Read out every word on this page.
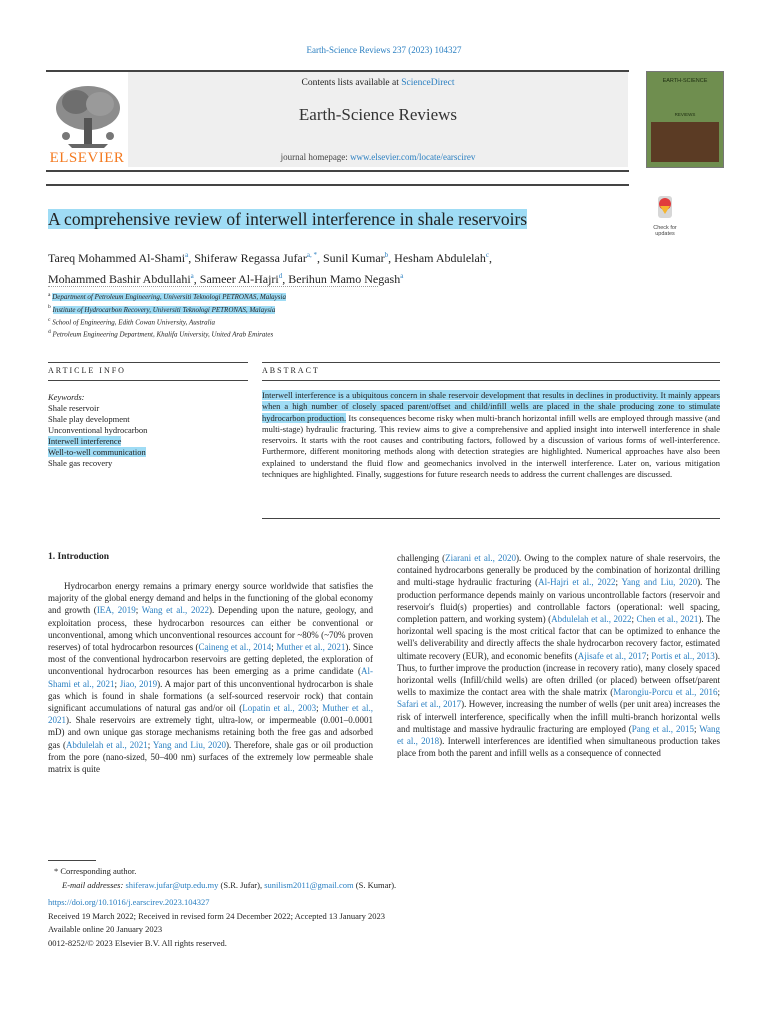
Earth-Science Reviews 237 (2023) 104327
ELSEVIER
Contents lists available at ScienceDirect
Earth-Science Reviews
journal homepage: www.elsevier.com/locate/earscirev
EARTH-SCIENCE
REVIEWS
A comprehensive review of interwell interference in shale reservoirs	Check for updates
Tareq Mohammed Al-Shami$^a$, Shiferaw Regassa Jufar$^{a, *}$, Sunil Kumar$^b$, Hesham Abdulelah$^c$,
Mohammed Bashir Abdullahi$^a$, Sameer Al-Hajri$^d$, Berihun Mamo Negash$^a$
$^a$ Department of Petroleum Engineering, Universiti Teknologi PETRONAS, Malaysia
$^b$ Institute of Hydrocarbon Recovery, Universiti Teknologi PETRONAS, Malaysia
$^c$ School of Engineering, Edith Cowan University, Australia
$^d$ Petroleum Engineering Department, Khalifa University, United Arab Emirates
ARTICLE INFO	ABSTRACT
Keywords:
Shale reservoir
Shale play development
Unconventional hydrocarbon
Interwell interference
Well-to-well communication
Shale gas recovery
Interwell interference is a ubiquitous concern in shale reservoir development that results in declines in productivity. It mainly appears when a high number of closely spaced parent/offset and child/infill wells are placed in the shale producing zone to stimulate hydrocarbon production. Its consequences become risky when multi-branch horizontal infill wells are employed through massive (and multi-stage) hydraulic fracturing. This review aims to give a comprehensive and applied insight into interwell interference in shale reservoirs. It starts with the root causes and contributing factors, followed by a discussion of various forms of well-interference. Furthermore, different monitoring methods along with detection strategies are highlighted. Numerical approaches have also been explained to understand the fluid flow and geomechanics involved in the interwell interference. Later on, various mitigation techniques are highlighted. Finally, suggestions for future research needs to address the current challenges are discussed.
1. Introduction
Hydrocarbon energy remains a primary energy source worldwide that satisfies the majority of the global energy demand and helps in the functioning of the global economy and growth (IEA, 2019; Wang et al., 2022). Depending upon the nature, geology, and exploitation process, these hydrocarbon resources can either be conventional or unconventional, among which unconventional resources account for ~80% (~70% proven reserves) of total hydrocarbon resources (Caineng et al., 2014; Muther et al., 2021). Since most of the conventional hydrocarbon reservoirs are getting depleted, the exploration of unconventional hydrocarbon resources has been emerging as a prime candidate (Al-Shami et al., 2021; Jiao, 2019). A major part of this unconventional hydrocarbon is shale gas which is found in shale formations (a self-sourced reservoir rock) that contain significant accumulations of natural gas and/or oil (Lopatin et al., 2003; Muther et al., 2021). Shale reservoirs are extremely tight, ultra-low, or impermeable (0.001–0.0001 mD) and own unique gas storage mechanisms retaining both the free gas and adsorbed gas (Abdulelah et al., 2021; Yang and Liu, 2020). Therefore, shale gas or oil production from the pore (nano-sized, 50–400 nm) surfaces of the extremely low permeable shale matrix is quite
challenging (Ziarani et al., 2020). Owing to the complex nature of shale reservoirs, the contained hydrocarbons generally be produced by the combination of horizontal drilling and multi-stage hydraulic fracturing (Al-Hajri et al., 2022; Yang and Liu, 2020). The production performance depends mainly on various uncontrollable factors (reservoir and reservoir's fluid(s) properties) and controllable factors (operational: well spacing, completion pattern, and working system) (Abdulelah et al., 2022; Chen et al., 2021). The horizontal well spacing is the most critical factor that can be optimized to enhance the well's deliverability and directly affects the shale hydrocarbon recovery factor, estimated ultimate recovery (EUR), and economic benefits (Ajisafe et al., 2017; Portis et al., 2013). Thus, to further improve the production (increase in recovery ratio), many closely spaced horizontal wells (Infill/child wells) are often drilled (or placed) between offset/parent wells to maximize the contact area with the shale matrix (Marongiu-Porcu et al., 2016; Safari et al., 2017). However, increasing the number of wells (per unit area) increases the risk of interwell interference, specifically when the infill multi-branch horizontal wells and multistage and massive hydraulic fracturing are employed (Pang et al., 2015; Wang et al., 2018). Interwell interferences are identified when simultaneous production takes place from both the parent and infill wells as a consequence of connected
* Corresponding author.
E-mail addresses: shiferaw.jufar@utp.edu.my (S.R. Jufar), sunilism2011@gmail.com (S. Kumar).
https://doi.org/10.1016/j.earscirev.2023.104327
Received 19 March 2022; Received in revised form 24 December 2022; Accepted 13 January 2023
Available online 20 January 2023
0012-8252/© 2023 Elsevier B.V. All rights reserved.
